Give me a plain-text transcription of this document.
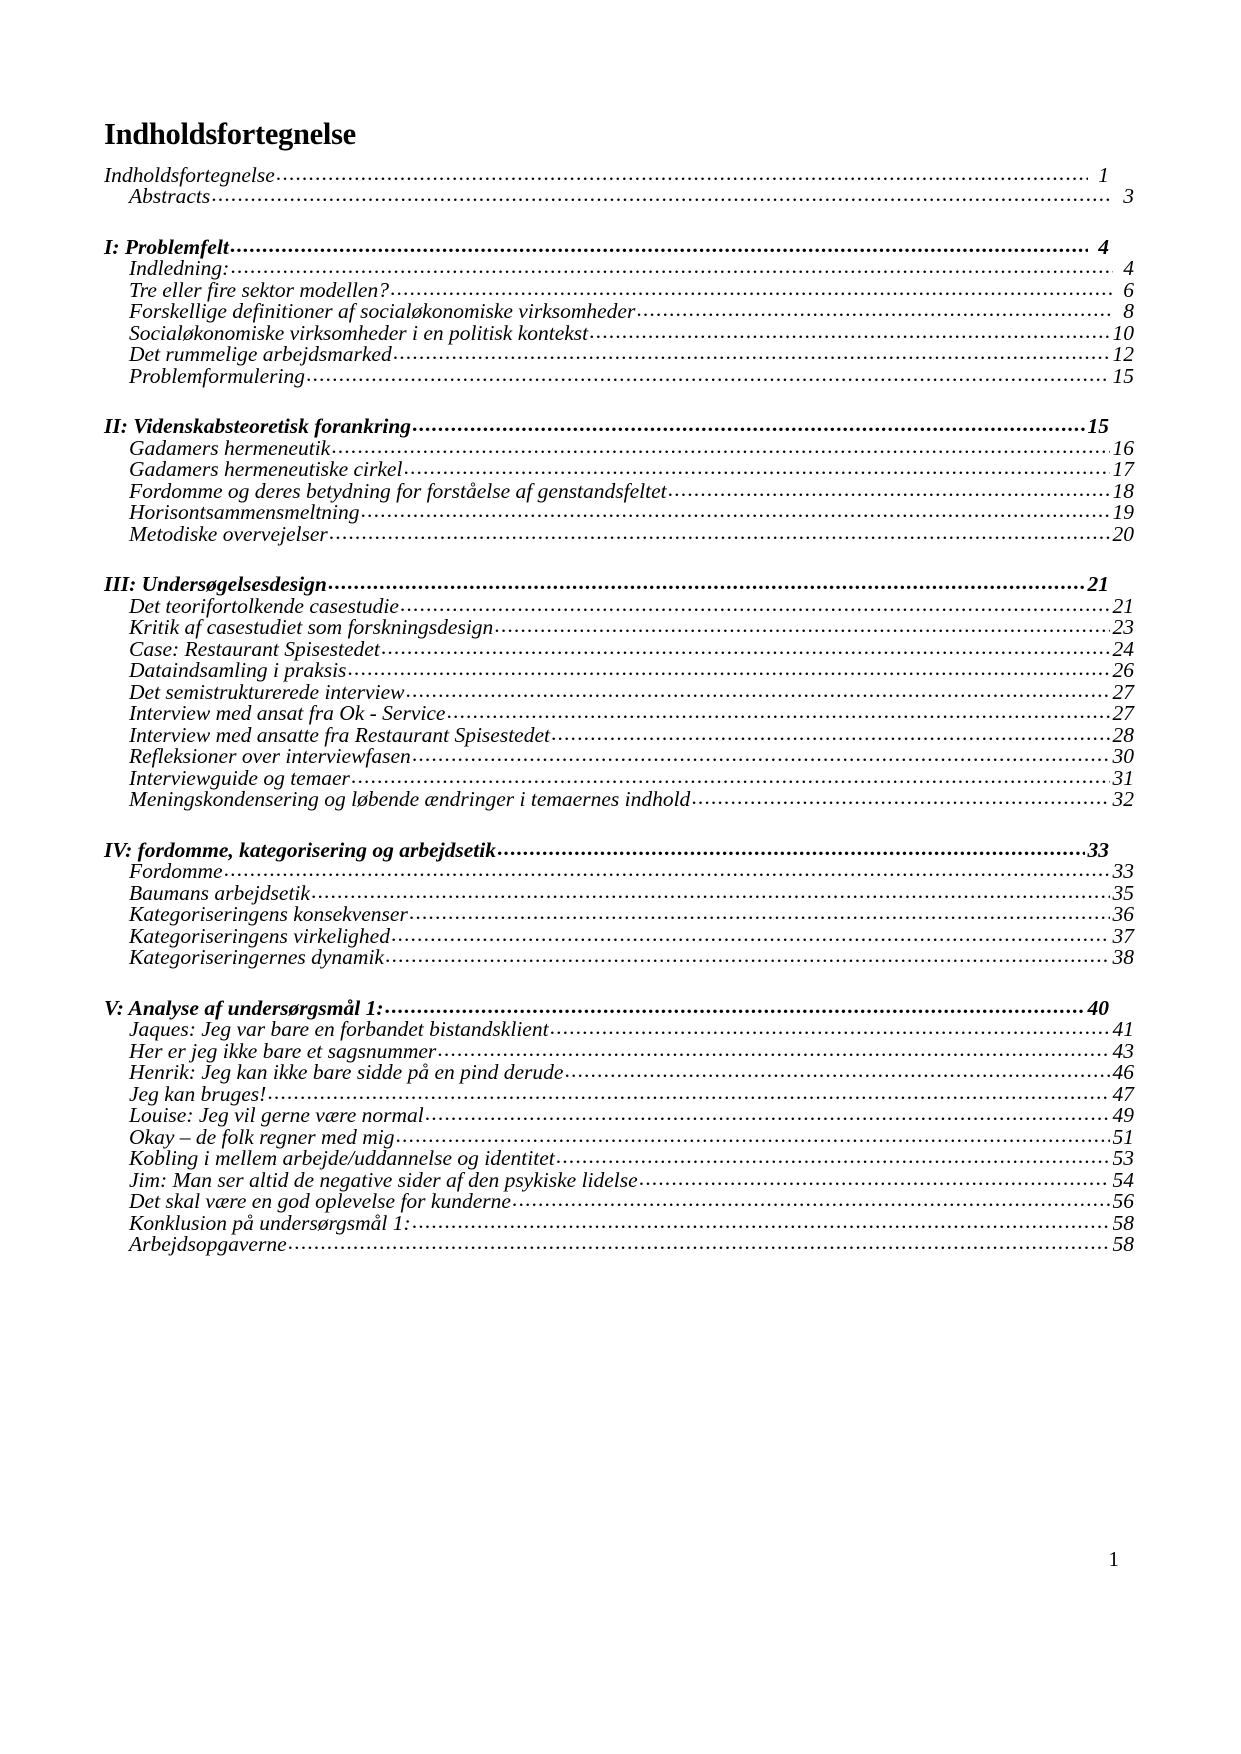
Indholdsfortegnelse
Indholdsfortegnelse .....	1
Abstracts .....	3
I: Problemfelt .....	4
Indledning: .....	4
Tre eller fire sektor modellen? .....	6
Forskellige definitioner af socialøkonomiske virksomheder .....	8
Socialøkonomiske virksomheder i en politisk kontekst .....	10
Det rummelige arbejdsmarked .....	12
Problemformulering .....	15
II: Videnskabsteoretisk forankring .....	15
Gadamers hermeneutik .....	16
Gadamers hermeneutiske cirkel .....	17
Fordomme og deres betydning for forståelse af genstandsfeltet .....	18
Horisontsammensmeltning .....	19
Metodiske overvejelser .....	20
III: Undersøgelsesdesign .....	21
Det teorifortolkende casestudie .....	21
Kritik af casestudiet som forskningsdesign .....	23
Case: Restaurant Spisestedet .....	24
Dataindsamling i praksis .....	26
Det semistrukturerede interview .....	27
Interview med ansat fra Ok - Service .....	27
Interview med ansatte fra Restaurant Spisestedet .....	28
Refleksioner over interviewfasen .....	30
Interviewguide og temaer .....	31
Meningskondensering og løbende ændringer i temaernes indhold .....	32
IV: fordomme, kategorisering og arbejdsetik .....	33
Fordomme .....	33
Baumans arbejdsetik .....	35
Kategoriseringens konsekvenser .....	36
Kategoriseringens virkelighed .....	37
Kategoriseringernes dynamik .....	38
V: Analyse af undersørgsmål 1: .....	40
Jaques: Jeg var bare en forbandet bistandsklient .....	41
Her er jeg ikke bare et sagsnummer .....	43
Henrik: Jeg kan ikke bare sidde på en pind derude .....	46
Jeg kan bruges! .....	47
Louise: Jeg vil gerne være normal .....	49
Okay – de folk regner med mig .....	51
Kobling i mellem arbejde/uddannelse og identitet .....	53
Jim: Man ser altid de negative sider af den psykiske lidelse .....	54
Det skal være en god oplevelse for kunderne .....	56
Konklusion på undersørgsmål 1: .....	58
Arbejdsopgaverne .....	58
1
